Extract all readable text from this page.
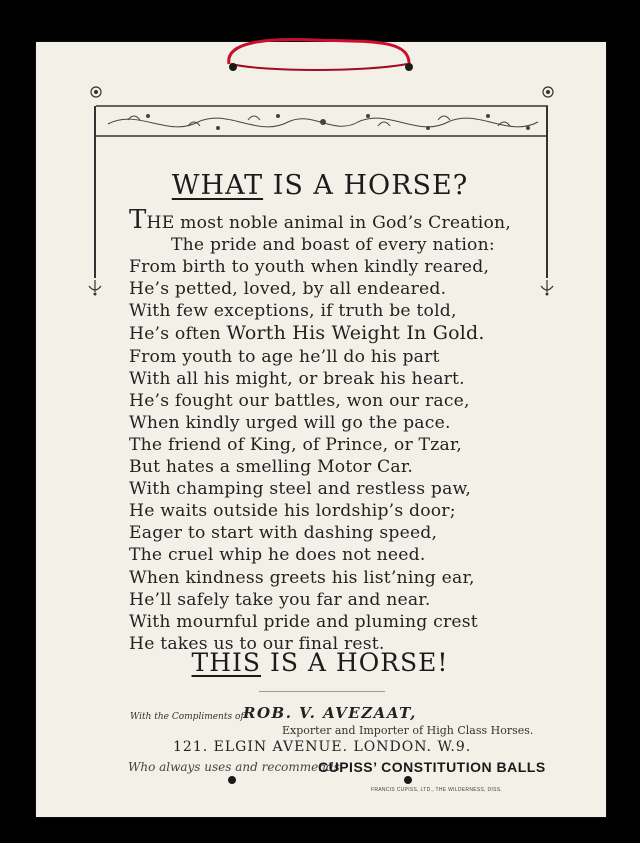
WHAT IS A HORSE?
THE most noble animal in God’s Creation,
The pride and boast of every nation:
From birth to youth when kindly reared,
He’s petted, loved, by all endeared.
With few exceptions, if truth be told,
He’s often Worth His Weight In Gold.
From youth to age he’ll do his part
With all his might, or break his heart.
He’s fought our battles, won our race,
When kindly urged will go the pace.
The friend of King, of Prince, or Tzar,
But hates a smelling Motor Car.
With champing steel and restless paw,
He waits outside his lordship’s door;
Eager to start with dashing speed,
The cruel whip he does not need.
When kindness greets his list’ning ear,
He’ll safely take you far and near.
With mournful pride and pluming crest
He takes us to our final rest.
THIS IS A HORSE!
With the Compliments of ROB. V. AVEZAAT,
Exporter and Importer of High Class Horses.
121. ELGIN AVENUE. LONDON. W.9.
Who always uses and recommends
CUPISS’ CONSTITUTION BALLS
FRANCIS CUPISS, LTD., THE WILDERNESS, DISS.
